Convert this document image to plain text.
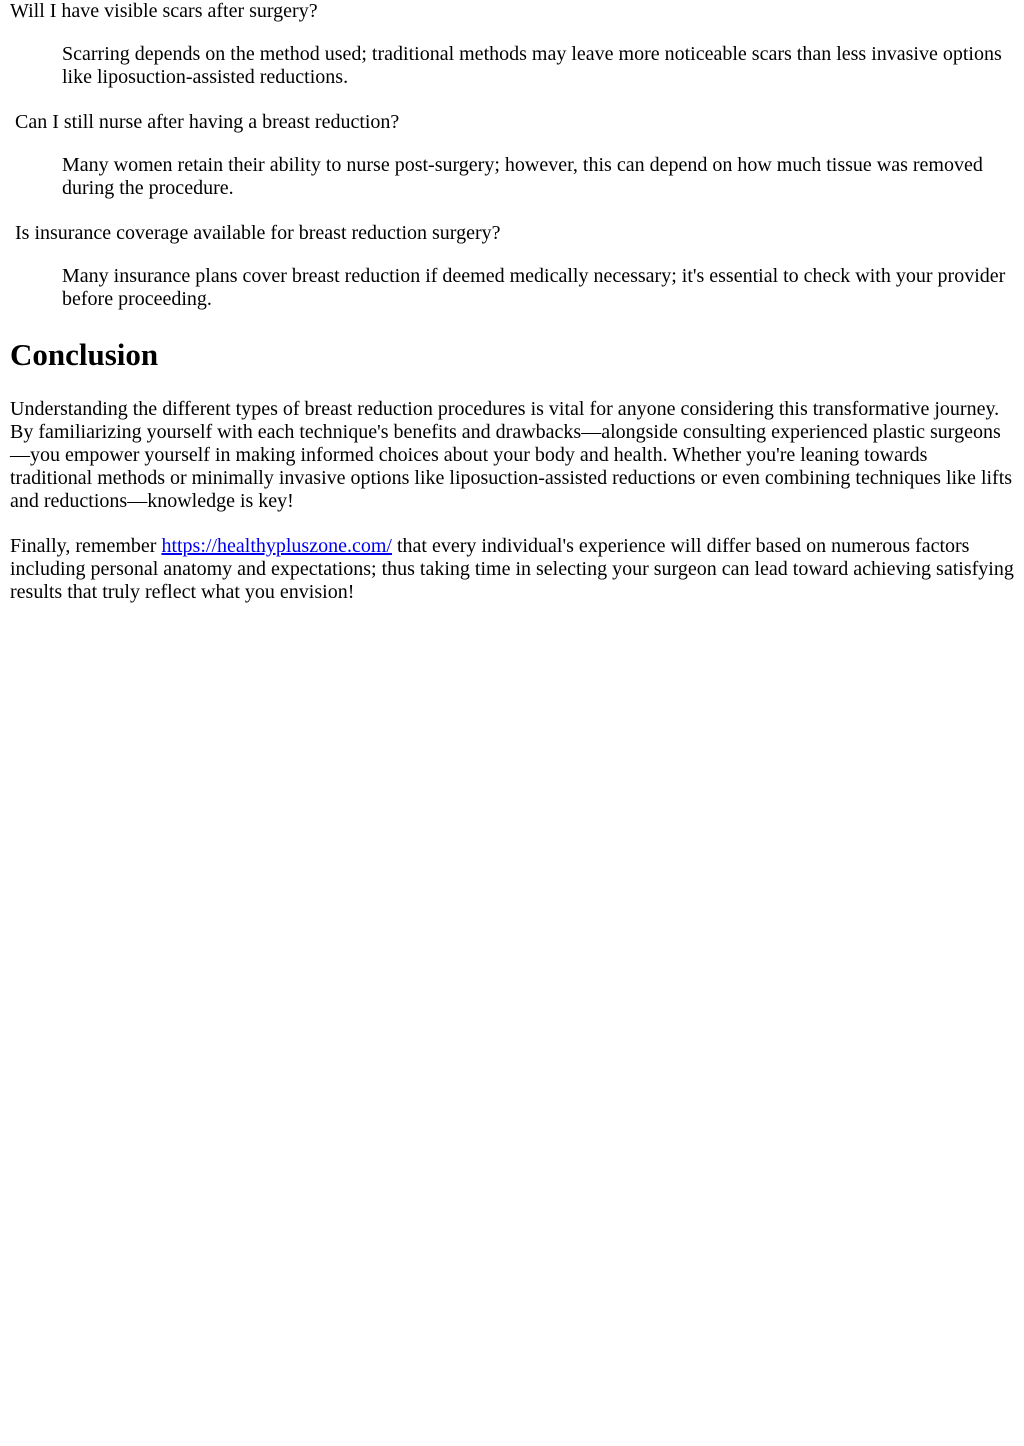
Will I have visible scars after surgery?

Scarring depends on the method used; traditional methods may leave more noticeable scars than less invasive options like liposuction-assisted reductions.

Can I still nurse after having a breast reduction?

Many women retain their ability to nurse post-surgery; however, this can depend on how much tissue was removed during the procedure.

Is insurance coverage available for breast reduction surgery?

Many insurance plans cover breast reduction if deemed medically necessary; it's essential to check with your provider before proceeding.

Conclusion

Understanding the different types of breast reduction procedures is vital for anyone considering this transformative journey. By familiarizing yourself with each technique's benefits and drawbacks—alongside consulting experienced plastic surgeons—you empower yourself in making informed choices about your body and health. Whether you're leaning towards traditional methods or minimally invasive options like liposuction-assisted reductions or even combining techniques like lifts and reductions—knowledge is key!

Finally, remember https://healthypluszone.com/ that every individual's experience will differ based on numerous factors including personal anatomy and expectations; thus taking time in selecting your surgeon can lead toward achieving satisfying results that truly reflect what you envision!
